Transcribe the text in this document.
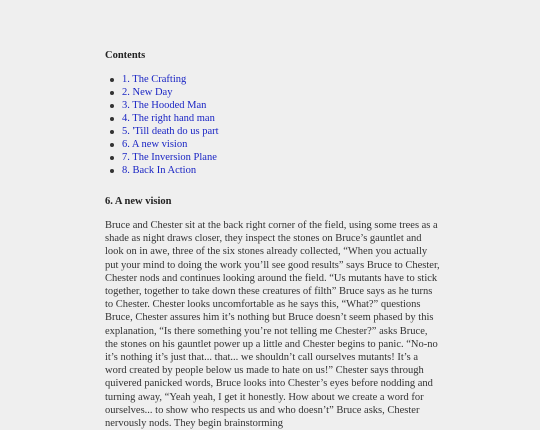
Contents
1. The Crafting
2. New Day
3. The Hooded Man
4. The right hand man
5. 'Till death do us part
6. A new vision
7. The Inversion Plane
8. Back In Action
6. A new vision

Bruce and Chester sit at the back right corner of the field, using some trees as a shade as night draws closer, they inspect the stones on Bruce’s gauntlet and look on in awe, three of the six stones already collected, “When you actually put your mind to doing the work you’ll see good results” says Bruce to Chester, Chester nods and continues looking around the field. “Us mutants have to stick together, together to take down these creatures of filth” Bruce says as he turns to Chester. Chester looks uncomfortable as he says this, “What?” questions Bruce, Chester assures him it’s nothing but Bruce doesn’t seem phased by this explanation, “Is there something you’re not telling me Chester?” asks Bruce, the stones on his gauntlet power up a little and Chester begins to panic. “No-no it’s nothing it’s just that... that... we shouldn’t call ourselves mutants! It’s a word created by people below us made to hate on us!” Chester says through quivered panicked words, Bruce looks into Chester’s eyes before nodding and turning away, “Yeah yeah, I get it honestly. How about we create a word for ourselves... to show who respects us and who doesn’t” Bruce asks, Chester nervously nods. They begin brainstorming
